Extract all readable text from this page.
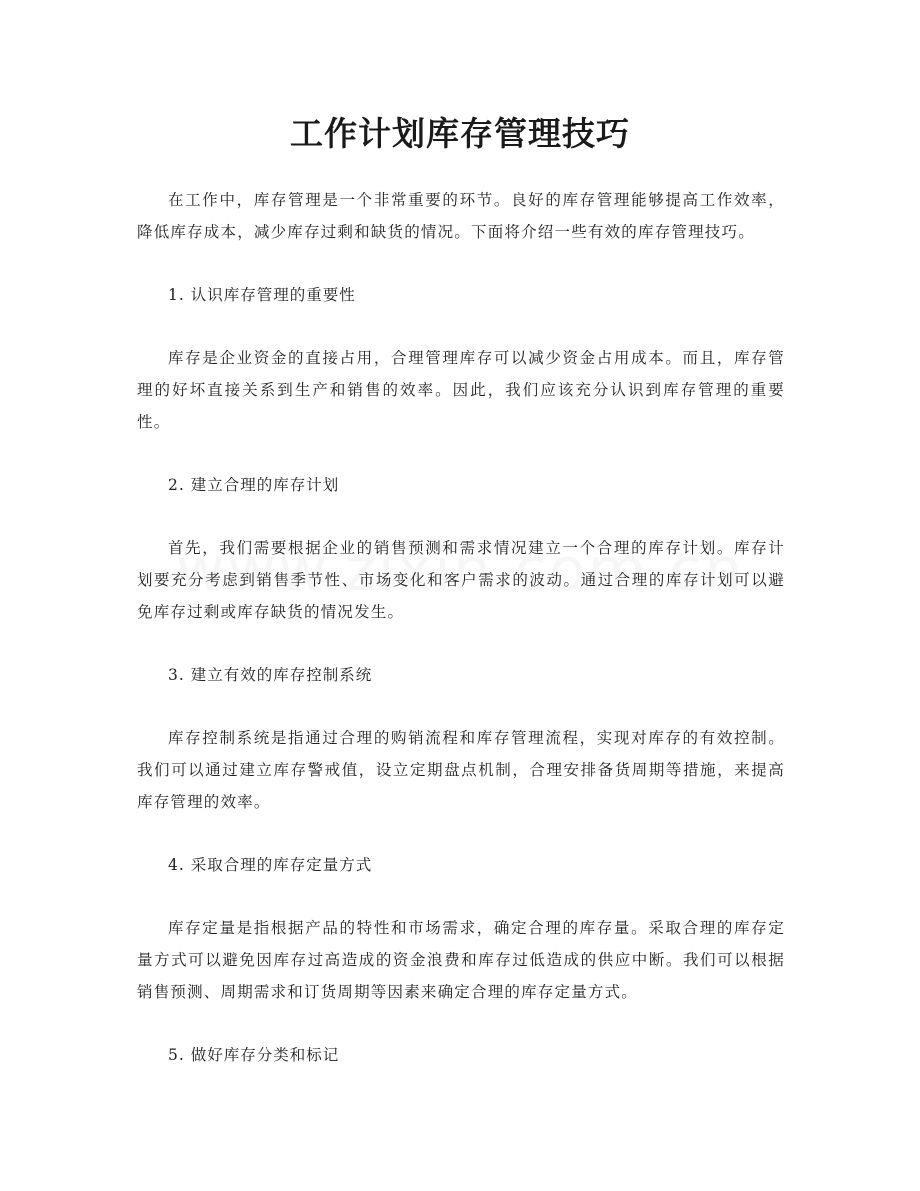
工作计划库存管理技巧

在工作中，库存管理是一个非常重要的环节。良好的库存管理能够提高工作效率，降低库存成本，减少库存过剩和缺货的情况。下面将介绍一些有效的库存管理技巧。

1. 认识库存管理的重要性

库存是企业资金的直接占用，合理管理库存可以减少资金占用成本。而且，库存管理的好坏直接关系到生产和销售的效率。因此，我们应该充分认识到库存管理的重要性。

2. 建立合理的库存计划

首先，我们需要根据企业的销售预测和需求情况建立一个合理的库存计划。库存计划要充分考虑到销售季节性、市场变化和客户需求的波动。通过合理的库存计划可以避免库存过剩或库存缺货的情况发生。

3. 建立有效的库存控制系统

库存控制系统是指通过合理的购销流程和库存管理流程，实现对库存的有效控制。我们可以通过建立库存警戒值，设立定期盘点机制，合理安排备货周期等措施，来提高库存管理的效率。

4. 采取合理的库存定量方式

库存定量是指根据产品的特性和市场需求，确定合理的库存量。采取合理的库存定量方式可以避免因库存过高造成的资金浪费和库存过低造成的供应中断。我们可以根据销售预测、周期需求和订货周期等因素来确定合理的库存定量方式。

5. 做好库存分类和标记
